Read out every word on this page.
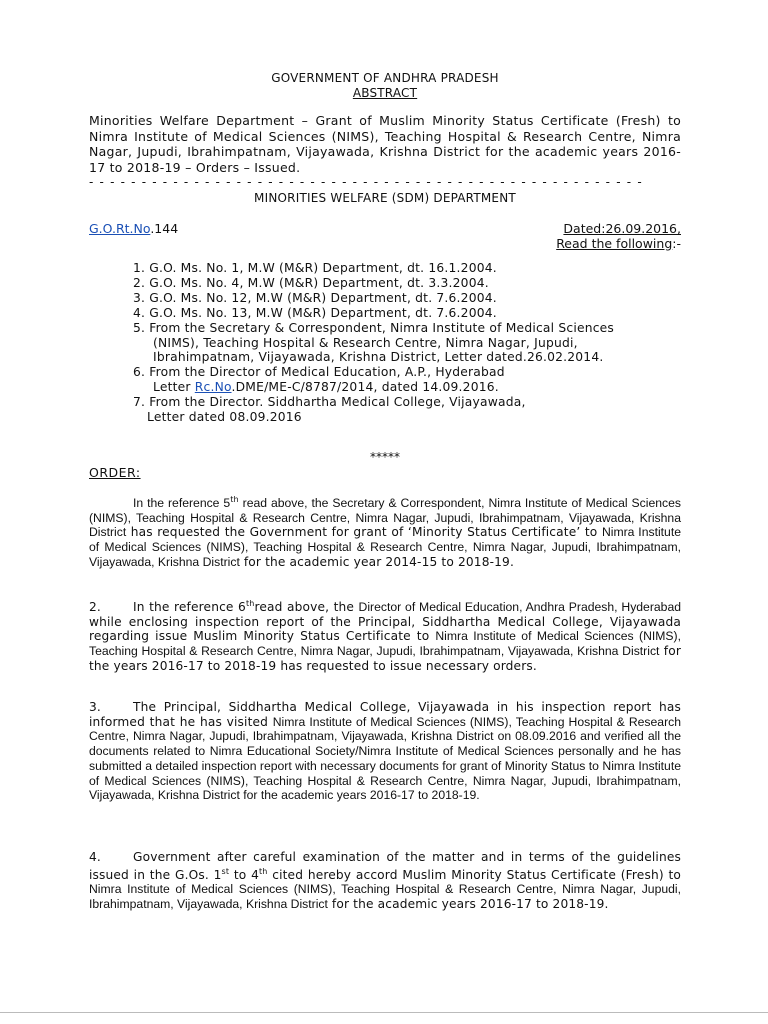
GOVERNMENT OF ANDHRA PRADESH
ABSTRACT
Minorities Welfare Department – Grant of Muslim Minority Status Certificate (Fresh) to Nimra Institute of Medical Sciences (NIMS), Teaching Hospital & Research Centre, Nimra Nagar, Jupudi, Ibrahimpatnam, Vijayawada, Krishna District for the academic years 2016-17 to 2018-19 – Orders – Issued.
- - - - - - - - - - - - - - - - - - - - - - - - - - - - - - - - - - - - - - - - - - - - - - - - - - - - -
MINORITIES WELFARE (SDM) DEPARTMENT
G.O.Rt.No.144	Dated:26.09.2016,
Read the following:-
1. G.O. Ms. No. 1, M.W (M&R) Department, dt. 16.1.2004.
2. G.O. Ms. No. 4, M.W (M&R) Department, dt. 3.3.2004.
3. G.O. Ms. No. 12, M.W (M&R) Department, dt. 7.6.2004.
4. G.O. Ms. No. 13, M.W (M&R) Department, dt. 7.6.2004.
5. From the Secretary & Correspondent, Nimra Institute of Medical Sciences (NIMS), Teaching Hospital & Research Centre, Nimra Nagar, Jupudi, Ibrahimpatnam, Vijayawada, Krishna District, Letter dated.26.02.2014.
6. From the Director of Medical Education, A.P., Hyderabad
Letter Rc.No.DME/ME-C/8787/2014, dated 14.09.2016.
7. From the Director. Siddhartha Medical College, Vijayawada,
Letter dated 08.09.2016
*****
ORDER:
In the reference 5th read above, the Secretary & Correspondent, Nimra Institute of Medical Sciences (NIMS), Teaching Hospital & Research Centre, Nimra Nagar, Jupudi, Ibrahimpatnam, Vijayawada, Krishna District has requested the Government for grant of ‘Minority Status Certificate’ to Nimra Institute of Medical Sciences (NIMS), Teaching Hospital & Research Centre, Nimra Nagar, Jupudi, Ibrahimpatnam, Vijayawada, Krishna District for the academic year 2014-15 to 2018-19.
2.	In the reference 6thread above, the Director of Medical Education, Andhra Pradesh, Hyderabad while enclosing inspection report of the Principal, Siddhartha Medical College, Vijayawada regarding issue Muslim Minority Status Certificate to Nimra Institute of Medical Sciences (NIMS), Teaching Hospital & Research Centre, Nimra Nagar, Jupudi, Ibrahimpatnam, Vijayawada, Krishna District for the years 2016-17 to 2018-19 has requested to issue necessary orders.
3.	The Principal, Siddhartha Medical College, Vijayawada in his inspection report has informed that he has visited Nimra Institute of Medical Sciences (NIMS), Teaching Hospital & Research Centre, Nimra Nagar, Jupudi, Ibrahimpatnam, Vijayawada, Krishna District on 08.09.2016 and verified all the documents related to Nimra Educational Society/Nimra Institute of Medical Sciences personally and he has submitted a detailed inspection report with necessary documents for grant of Minority Status to Nimra Institute of Medical Sciences (NIMS), Teaching Hospital & Research Centre, Nimra Nagar, Jupudi, Ibrahimpatnam, Vijayawada, Krishna District for the academic years 2016-17 to 2018-19.
4.	Government after careful examination of the matter and in terms of the guidelines issued in the G.Os. 1st to 4th cited hereby accord Muslim Minority Status Certificate (Fresh) to Nimra Institute of Medical Sciences (NIMS), Teaching Hospital & Research Centre, Nimra Nagar, Jupudi, Ibrahimpatnam, Vijayawada, Krishna District for the academic years 2016-17 to 2018-19.
